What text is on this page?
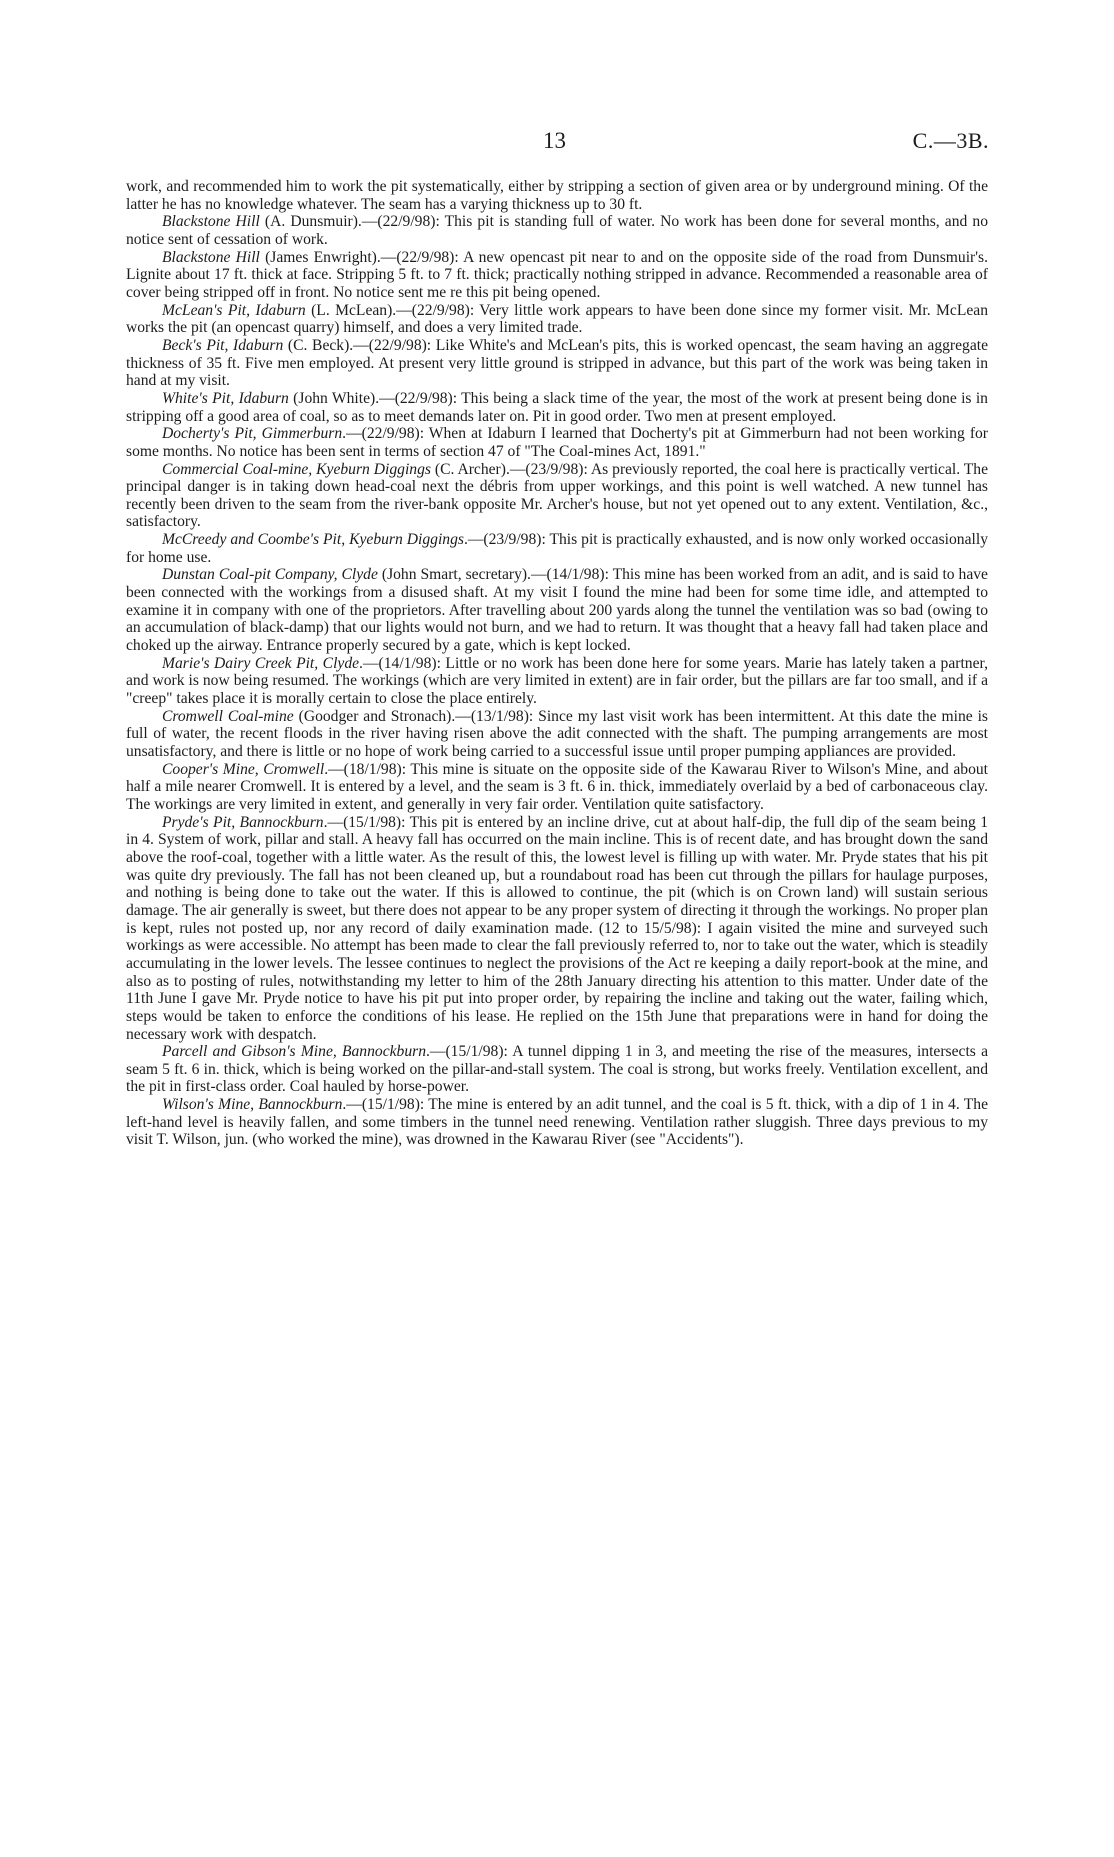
13	C.—3B.

work, and recommended him to work the pit systematically, either by stripping a section of given area or by underground mining. Of the latter he has no knowledge whatever. The seam has a varying thickness up to 30 ft.

Blackstone Hill (A. Dunsmuir).—(22/9/98): This pit is standing full of water. No work has been done for several months, and no notice sent of cessation of work.

Blackstone Hill (James Enwright).—(22/9/98): A new opencast pit near to and on the opposite side of the road from Dunsmuir's. Lignite about 17 ft. thick at face. Stripping 5 ft. to 7 ft. thick; practically nothing stripped in advance. Recommended a reasonable area of cover being stripped off in front. No notice sent me re this pit being opened.

McLean's Pit, Idaburn (L. McLean).—(22/9/98): Very little work appears to have been done since my former visit. Mr. McLean works the pit (an opencast quarry) himself, and does a very limited trade.

Beck's Pit, Idaburn (C. Beck).—(22/9/98): Like White's and McLean's pits, this is worked opencast, the seam having an aggregate thickness of 35 ft. Five men employed. At present very little ground is stripped in advance, but this part of the work was being taken in hand at my visit.

White's Pit, Idaburn (John White).—(22/9/98): This being a slack time of the year, the most of the work at present being done is in stripping off a good area of coal, so as to meet demands later on. Pit in good order. Two men at present employed.

Docherty's Pit, Gimmerburn.—(22/9/98): When at Idaburn I learned that Docherty's pit at Gimmerburn had not been working for some months. No notice has been sent in terms of section 47 of "The Coal-mines Act, 1891."

Commercial Coal-mine, Kyeburn Diggings (C. Archer).—(23/9/98): As previously reported, the coal here is practically vertical. The principal danger is in taking down head-coal next the débris from upper workings, and this point is well watched. A new tunnel has recently been driven to the seam from the river-bank opposite Mr. Archer's house, but not yet opened out to any extent. Ventilation, &c., satisfactory.

McCreedy and Coombe's Pit, Kyeburn Diggings.—(23/9/98): This pit is practically exhausted, and is now only worked occasionally for home use.

Dunstan Coal-pit Company, Clyde (John Smart, secretary).—(14/1/98): This mine has been worked from an adit, and is said to have been connected with the workings from a disused shaft. At my visit I found the mine had been for some time idle, and attempted to examine it in company with one of the proprietors. After travelling about 200 yards along the tunnel the ventilation was so bad (owing to an accumulation of black-damp) that our lights would not burn, and we had to return. It was thought that a heavy fall had taken place and choked up the airway. Entrance properly secured by a gate, which is kept locked.

Marie's Dairy Creek Pit, Clyde.—(14/1/98): Little or no work has been done here for some years. Marie has lately taken a partner, and work is now being resumed. The workings (which are very limited in extent) are in fair order, but the pillars are far too small, and if a "creep" takes place it is morally certain to close the place entirely.

Cromwell Coal-mine (Goodger and Stronach).—(13/1/98): Since my last visit work has been intermittent. At this date the mine is full of water, the recent floods in the river having risen above the adit connected with the shaft. The pumping arrangements are most unsatisfactory, and there is little or no hope of work being carried to a successful issue until proper pumping appliances are provided.

Cooper's Mine, Cromwell.—(18/1/98): This mine is situate on the opposite side of the Kawarau River to Wilson's Mine, and about half a mile nearer Cromwell. It is entered by a level, and the seam is 3 ft. 6 in. thick, immediately overlaid by a bed of carbonaceous clay. The workings are very limited in extent, and generally in very fair order. Ventilation quite satisfactory.

Pryde's Pit, Bannockburn.—(15/1/98): This pit is entered by an incline drive, cut at about half-dip, the full dip of the seam being 1 in 4. System of work, pillar and stall. A heavy fall has occurred on the main incline. This is of recent date, and has brought down the sand above the roof-coal, together with a little water. As the result of this, the lowest level is filling up with water. Mr. Pryde states that his pit was quite dry previously. The fall has not been cleaned up, but a roundabout road has been cut through the pillars for haulage purposes, and nothing is being done to take out the water. If this is allowed to continue, the pit (which is on Crown land) will sustain serious damage. The air generally is sweet, but there does not appear to be any proper system of directing it through the workings. No proper plan is kept, rules not posted up, nor any record of daily examination made. (12 to 15/5/98): I again visited the mine and surveyed such workings as were accessible. No attempt has been made to clear the fall previously referred to, nor to take out the water, which is steadily accumulating in the lower levels. The lessee continues to neglect the provisions of the Act re keeping a daily report-book at the mine, and also as to posting of rules, notwithstanding my letter to him of the 28th January directing his attention to this matter. Under date of the 11th June I gave Mr. Pryde notice to have his pit put into proper order, by repairing the incline and taking out the water, failing which, steps would be taken to enforce the conditions of his lease. He replied on the 15th June that preparations were in hand for doing the necessary work with despatch.

Parcell and Gibson's Mine, Bannockburn.—(15/1/98): A tunnel dipping 1 in 3, and meeting the rise of the measures, intersects a seam 5 ft. 6 in. thick, which is being worked on the pillar-and-stall system. The coal is strong, but works freely. Ventilation excellent, and the pit in first-class order. Coal hauled by horse-power.

Wilson's Mine, Bannockburn.—(15/1/98): The mine is entered by an adit tunnel, and the coal is 5 ft. thick, with a dip of 1 in 4. The left-hand level is heavily fallen, and some timbers in the tunnel need renewing. Ventilation rather sluggish. Three days previous to my visit T. Wilson, jun. (who worked the mine), was drowned in the Kawarau River (see "Accidents").
